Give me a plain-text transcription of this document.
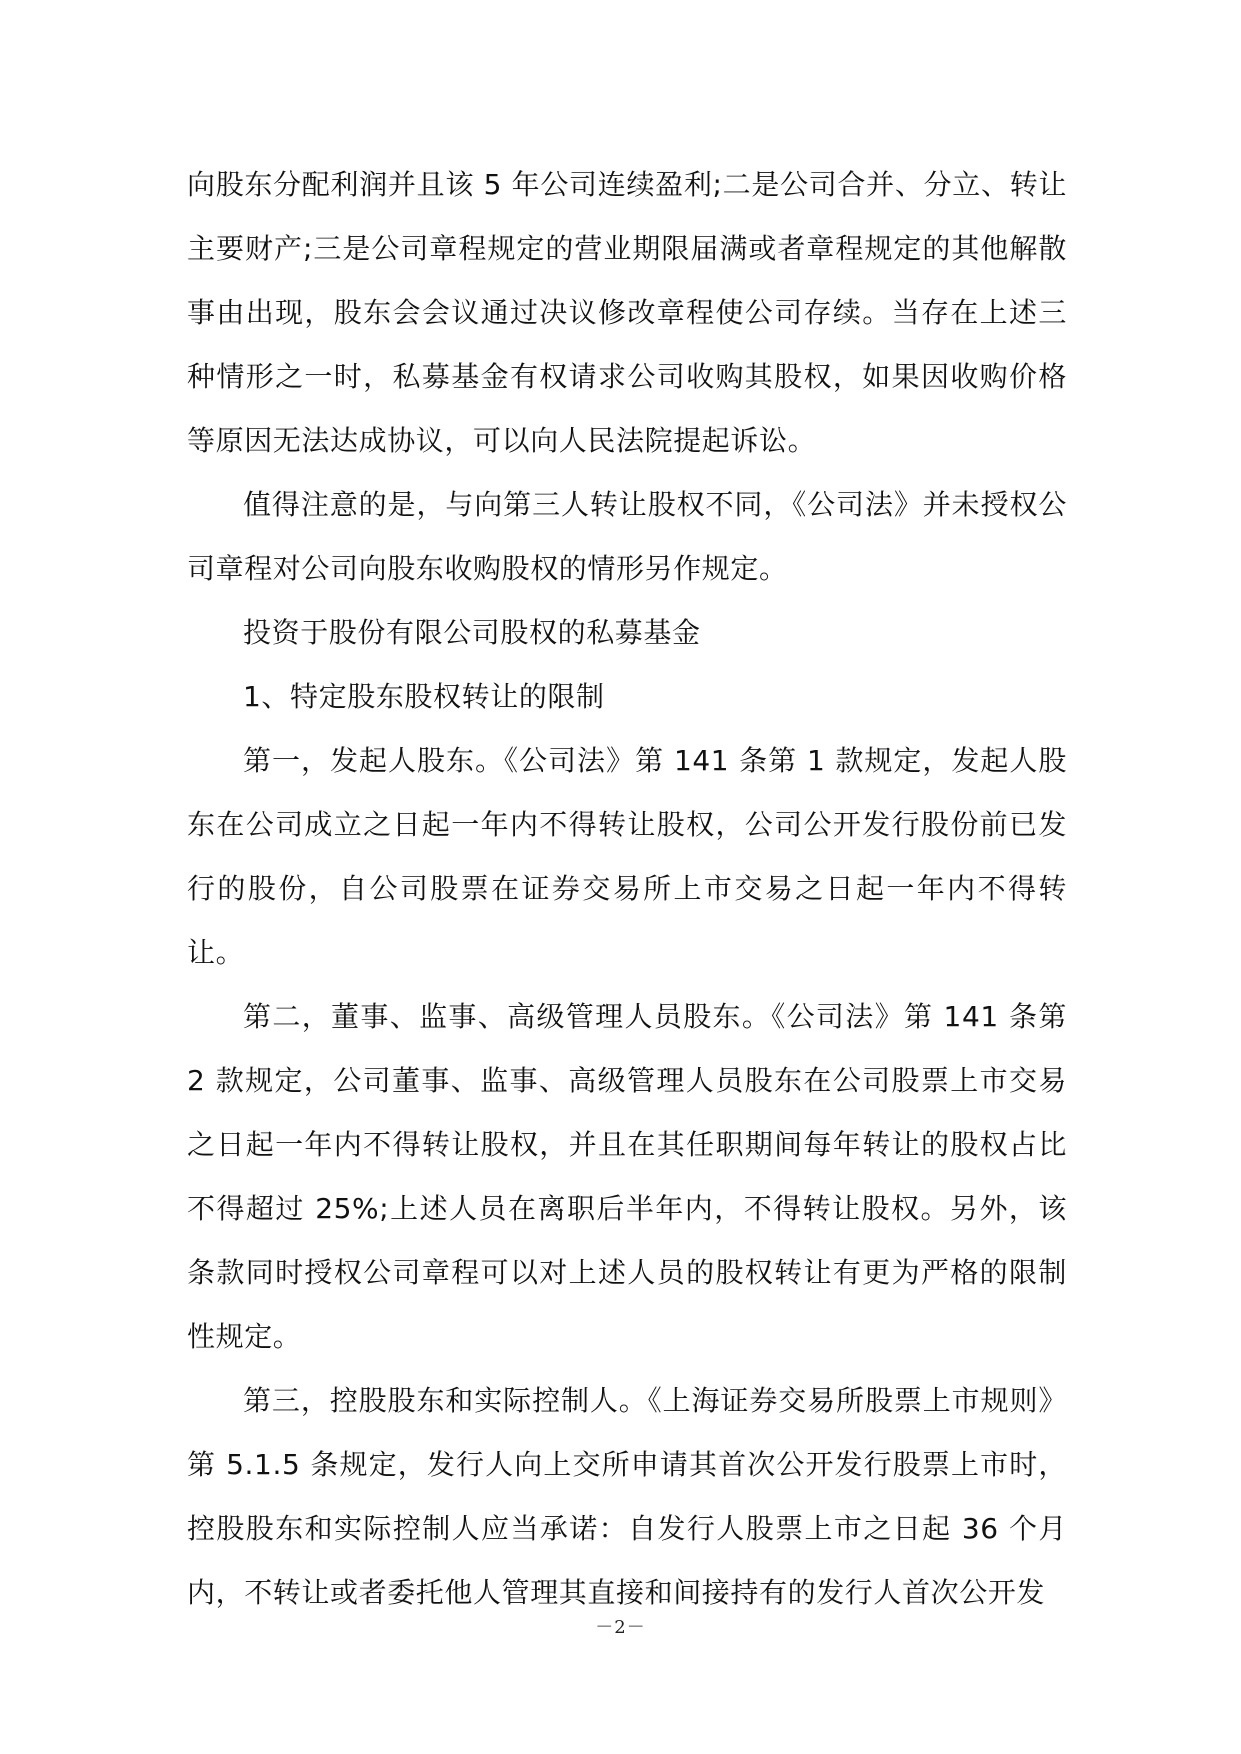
向股东分配利润并且该 5 年公司连续盈利;二是公司合并、分立、转让主要财产;三是公司章程规定的营业期限届满或者章程规定的其他解散事由出现，股东会会议通过决议修改章程使公司存续。当存在上述三种情形之一时，私募基金有权请求公司收购其股权，如果因收购价格等原因无法达成协议，可以向人民法院提起诉讼。

值得注意的是，与向第三人转让股权不同，《公司法》并未授权公司章程对公司向股东收购股权的情形另作规定。

投资于股份有限公司股权的私募基金

1、特定股东股权转让的限制

第一，发起人股东。《公司法》第 141 条第 1 款规定，发起人股东在公司成立之日起一年内不得转让股权，公司公开发行股份前已发行的股份，自公司股票在证券交易所上市交易之日起一年内不得转让。

第二，董事、监事、高级管理人员股东。《公司法》第 141 条第 2 款规定，公司董事、监事、高级管理人员股东在公司股票上市交易之日起一年内不得转让股权，并且在其任职期间每年转让的股权占比不得超过 25%;上述人员在离职后半年内，不得转让股权。另外，该条款同时授权公司章程可以对上述人员的股权转让有更为严格的限制性规定。

第三，控股股东和实际控制人。《上海证券交易所股票上市规则》第 5.1.5 条规定，发行人向上交所申请其首次公开发行股票上市时，控股股东和实际控制人应当承诺：自发行人股票上市之日起 36 个月内，不转让或者委托他人管理其直接和间接持有的发行人首次公开发

－2－
